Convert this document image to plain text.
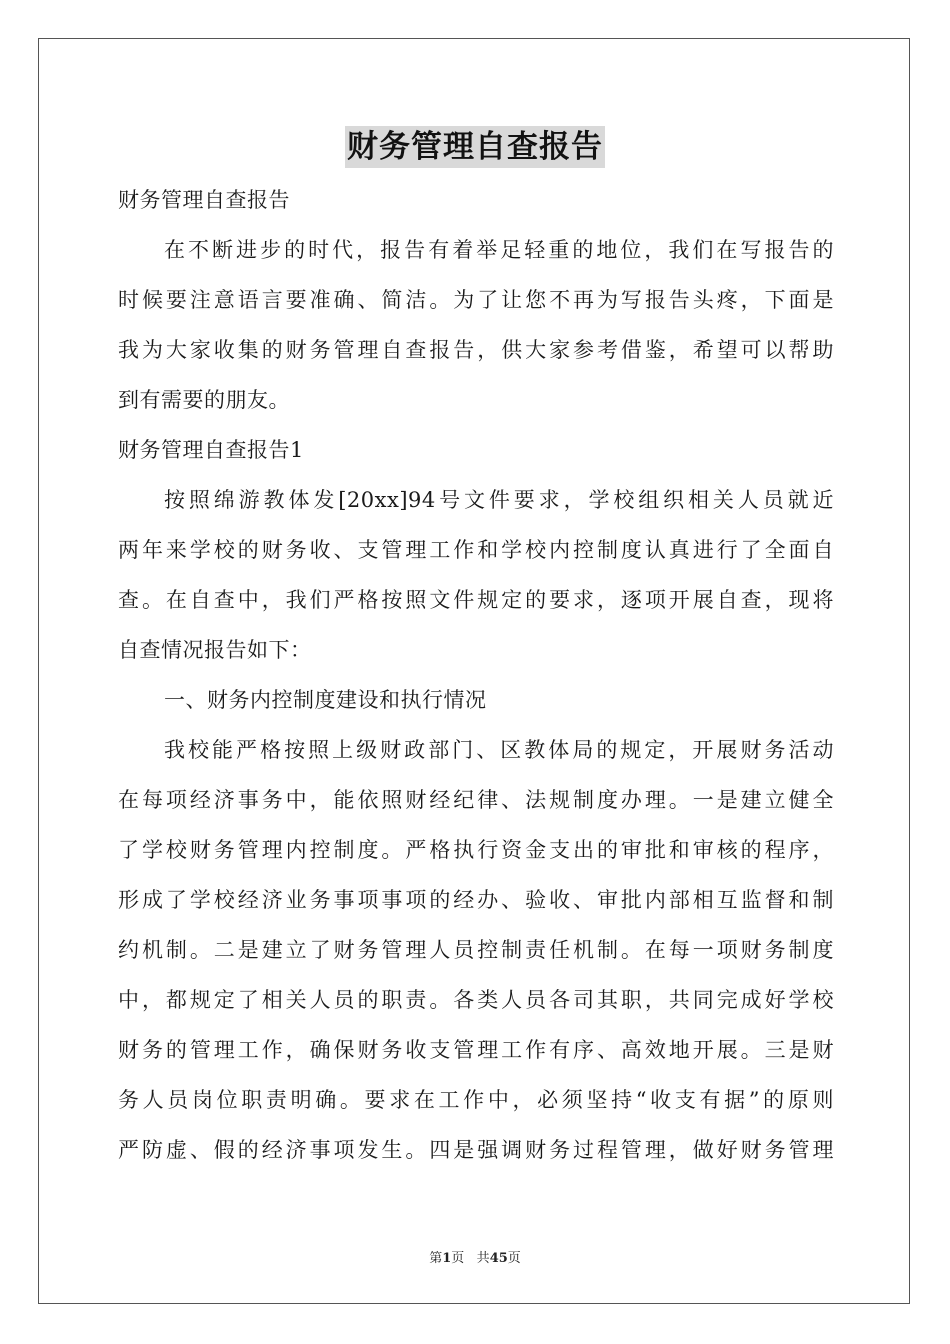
财务管理自查报告
财务管理自查报告
在不断进步的时代，报告有着举足轻重的地位，我们在写报告的
时候要注意语言要准确、简洁。为了让您不再为写报告头疼，下面是
我为大家收集的财务管理自查报告，供大家参考借鉴，希望可以帮助
到有需要的朋友。
财务管理自查报告1
按照绵游教体发[20xx]94号文件要求，学校组织相关人员就近
两年来学校的财务收、支管理工作和学校内控制度认真进行了全面自
查。在自查中，我们严格按照文件规定的要求，逐项开展自查，现将
自查情况报告如下：
一、财务内控制度建设和执行情况
我校能严格按照上级财政部门、区教体局的规定，开展财务活动
在每项经济事务中，能依照财经纪律、法规制度办理。一是建立健全
了学校财务管理内控制度。严格执行资金支出的审批和审核的程序，
形成了学校经济业务事项事项的经办、验收、审批内部相互监督和制
约机制。二是建立了财务管理人员控制责任机制。在每一项财务制度
中，都规定了相关人员的职责。各类人员各司其职，共同完成好学校
财务的管理工作，确保财务收支管理工作有序、高效地开展。三是财
务人员岗位职责明确。要求在工作中，必须坚持“收支有据”的原则
严防虚、假的经济事项发生。四是强调财务过程管理，做好财务管理
第1页 共45页
